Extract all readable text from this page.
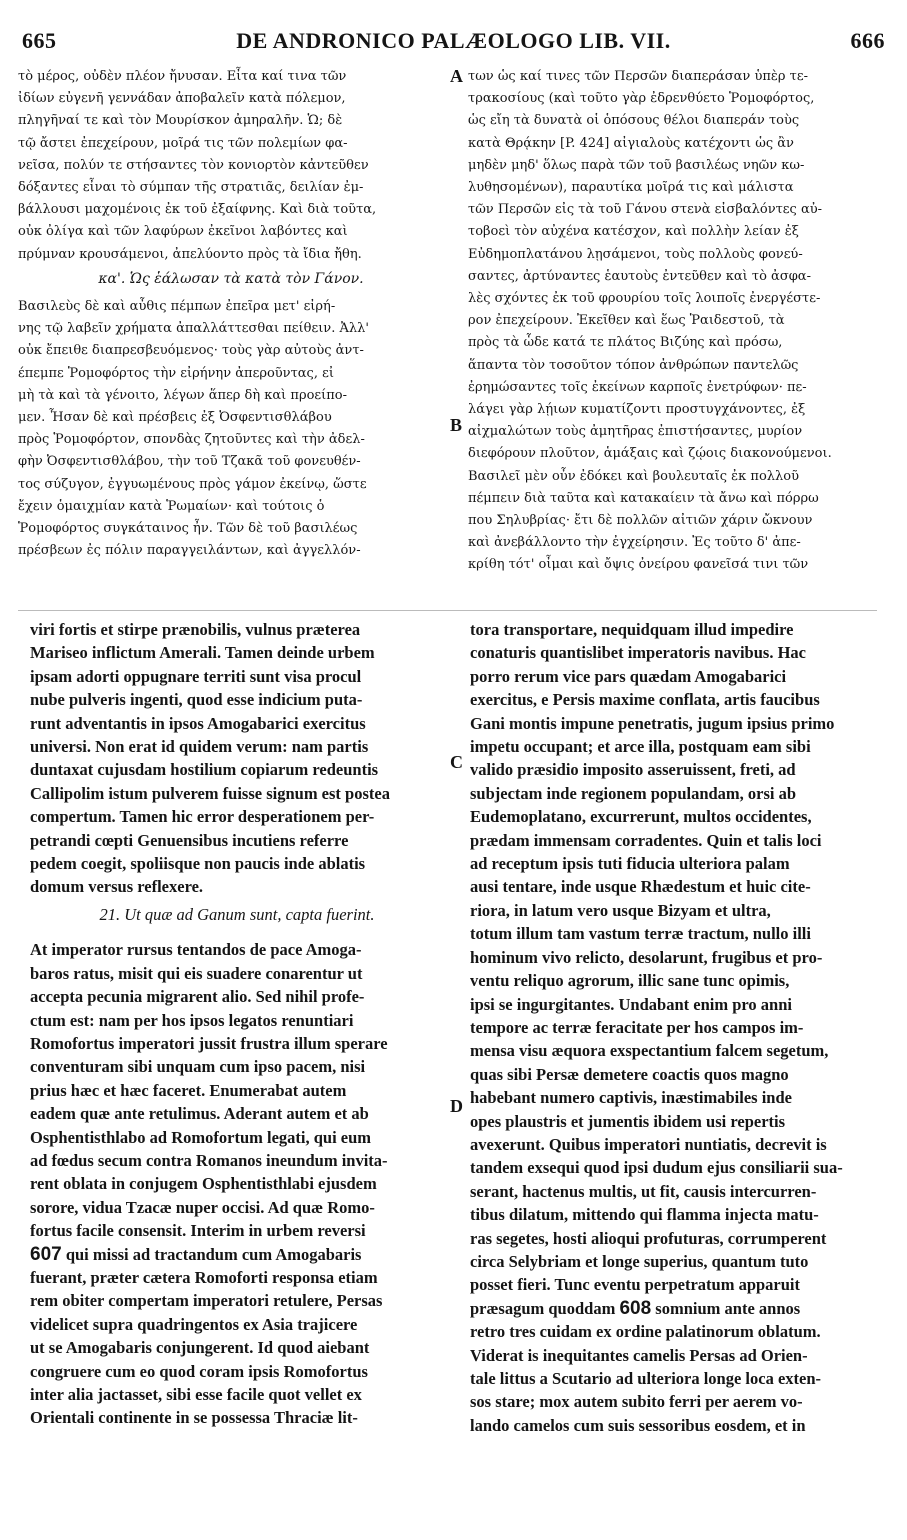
665	DE ANDRONICO PALÆOLOGO LIB. VII.	666
A
B
C
D
τὸ μέρος, οὐδὲν πλέον ἤνυσαν. Εἶτα καί τινα τῶν
ἰδίων εὐγενῆ γεννάδαν ἀποβαλεῖν κατὰ πόλεμον,
πληγῆναί τε καὶ τὸν Μουρίσκον ἀμηραλῆν. Ὡ; δὲ
τῷ ἄστει ἐπεχείρουν, μοῖρά τις τῶν πολεμίων φα-
νεῖσα, πολύν τε στήσαντες τὸν κονιορτὸν κἀντεῦθεν
δόξαντες εἶναι τὸ σύμπαν τῆς στρατιᾶς, δειλίαν ἐμ-
βάλλουσι μαχομένοις ἐκ τοῦ ἐξαίφνης. Καὶ διὰ τοῦτα,
οὐκ ὀλίγα καὶ τῶν λαφύρων ἐκεῖνοι λαβόντες καὶ
πρύμναν κρουσάμενοι, ἀπελύοντο πρὸς τὰ ἴδια ἤθη.
κα'. Ὡς ἑάλωσαν τὰ κατὰ τὸν Γάνον.
Βασιλεὺς δὲ καὶ αὖθις πέμπων ἐπεῖρα μετ' εἰρή-
νης τῷ λαβεῖν χρήματα ἀπαλλάττεσθαι πείθειν. Ἀλλ'
οὐκ ἔπειθε διαπρεσβευόμενος· τοὺς γὰρ αὐτοὺς ἀντ-
έπεμπε Ῥομοφόρτος τὴν εἰρήνην ἀπεροῦντας, εἰ
μὴ τὰ καὶ τὰ γένοιτο, λέγων ἅπερ δὴ καὶ προείπο-
μεν. Ἦσαν δὲ καὶ πρέσβεις ἐξ Ὀσφεντισθλάβου
πρὸς Ῥομοφόρτον, σπονδὰς ζητοῦντες καὶ τὴν ἀδελ-
φὴν Ὀσφεντισθλάβου, τὴν τοῦ Τζακᾶ τοῦ φονευθέν-
τος σύζυγον, ἐγγυωμένους πρὸς γάμον ἐκείνῳ, ὥστε
ἔχειν ὁμαιχμίαν κατὰ Ῥωμαίων· καὶ τούτοις ὁ
Ῥομοφόρτος συγκάταινος ἦν. Τῶν δὲ τοῦ βασιλέως
πρέσβεων ἐς πόλιν παραγγειλάντων, καὶ ἀγγελλόν-
των ὡς καί τινες τῶν Περσῶν διαπεράσαν ὑπὲρ τε-
τρακοσίους (καὶ τοῦτο γὰρ ἐδρενθύετο Ῥομοφόρτος,
ὡς εἴη τὰ δυνατὰ οἱ ὁπόσους θέλοι διαπεράν τοὺς
κατὰ Θρᾴκην [P. 424] αἰγιαλοὺς κατέχοντι ὡς ἂν
μηδὲν μηδ' ὅλως παρὰ τῶν τοῦ βασιλέως νηῶν κω-
λυθησομένων), παραυτίκα μοῖρά τις καὶ μάλιστα
τῶν Περσῶν εἰς τὰ τοῦ Γάνου στενὰ εἰσβαλόντες αὐ-
τοβοεὶ τὸν αὐχένα κατέσχον, καὶ πολλὴν λείαν ἐξ
Εὐδημοπλατάνου λῃσάμενοι, τοὺς πολλοὺς φονεύ-
σαντες, ἀρτύναντες ἑαυτοὺς ἐντεῦθεν καὶ τὸ ἀσφα-
λὲς σχόντες ἐκ τοῦ φρουρίου τοῖς λοιποῖς ἐνεργέστε-
ρον ἐπεχείρουν. Ἐκεῖθεν καὶ ἕως Ῥαιδεστοῦ, τὰ
πρὸς τὰ ὧδε κατά τε πλάτος Βιζύης καὶ πρόσω,
ἅπαντα τὸν τοσοῦτον τόπον ἀνθρώπων παντελῶς
ἐρημώσαντες τοῖς ἐκείνων καρποῖς ἐνετρύφων· πε-
λάγει γὰρ λῄιων κυματίζοντι προστυγχάνοντες, ἐξ
αἰχμαλώτων τοὺς ἀμητῆρας ἐπιστήσαντες, μυρίον
διεφόρουν πλοῦτον, ἁμάξαις καὶ ζῴοις διακονούμενοι.
Βασιλεῖ μὲν οὖν ἐδόκει καὶ βουλευταῖς ἐκ πολλοῦ
πέμπειν διὰ ταῦτα καὶ κατακαίειν τὰ ἄνω καὶ πόρρω
που Σηλυβρίας· ἔτι δὲ πολλῶν αἰτιῶν χάριν ὤκνουν
καὶ ἀνεβάλλοντο τὴν ἐγχείρησιν. Ἐς τοῦτο δ' ἀπε-
κρίθη τότ' οἶμαι καὶ ὄψις ὀνείρου φανεῖσά τινι τῶν
viri fortis et stirpe prænobilis, vulnus præterea
Mariseo inflictum Amerali. Tamen deinde urbem
ipsam adorti oppugnare territi sunt visa procul
nube pulveris ingenti, quod esse indicium puta-
runt adventantis in ipsos Amogabarici exercitus
universi. Non erat id quidem verum: nam partis
duntaxat cujusdam hostilium copiarum redeuntis
Callipolim istum pulverem fuisse signum est postea
compertum. Tamen hic error desperationem per-
petrandi cœpti Genuensibus incutiens referre
pedem coegit, spoliisque non paucis inde ablatis
domum versus reflexere.
21. Ut quæ ad Ganum sunt, capta fuerint.
At imperator rursus tentandos de pace Amoga-
baros ratus, misit qui eis suadere conarentur ut
accepta pecunia migrarent alio. Sed nihil profe-
ctum est: nam per hos ipsos legatos renuntiari
Romofortus imperatori jussit frustra illum sperare
conventuram sibi unquam cum ipso pacem, nisi
prius hæc et hæc faceret. Enumerabat autem
eadem quæ ante retulimus. Aderant autem et ab
Osphentisthlabo ad Romofortum legati, qui eum
ad fœdus secum contra Romanos ineundum invita-
rent oblata in conjugem Osphentisthlabi ejusdem
sorore, vidua Tzacæ nuper occisi. Ad quæ Romo-
fortus facile consensit. Interim in urbem reversi
607 qui missi ad tractandum cum Amogabaris
fuerant, præter cætera Romoforti responsa etiam
rem obiter compertam imperatori retulere, Persas
videlicet supra quadringentos ex Asia trajicere
ut se Amogabaris conjungerent. Id quod aiebant
congruere cum eo quod coram ipsis Romofortus
inter alia jactasset, sibi esse facile quot vellet ex
Orientali continente in se possessa Thraciæ lit-
tora transportare, nequidquam illud impedire
conaturis quantislibet imperatoris navibus. Hac
porro rerum vice pars quædam Amogabarici
exercitus, e Persis maxime conflata, artis faucibus
Gani montis impune penetratis, jugum ipsius primo
impetu occupant; et arce illa, postquam eam sibi
valido præsidio imposito asseruissent, freti, ad
subjectam inde regionem populandam, orsi ab
Eudemoplatano, excurrerunt, multos occidentes,
prædam immensam corradentes. Quin et talis loci
ad receptum ipsis tuti fiducia ulteriora palam
ausi tentare, inde usque Rhædestum et huic cite-
riora, in latum vero usque Bizyam et ultra,
totum illum tam vastum terræ tractum, nullo illi
hominum vivo relicto, desolarunt, frugibus et pro-
ventu reliquo agrorum, illic sane tunc opimis,
ipsi se ingurgitantes. Undabant enim pro anni
tempore ac terræ feracitate per hos campos im-
mensa visu æquora exspectantium falcem segetum,
quas sibi Persæ demetere coactis quos magno
habebant numero captivis, inæstimabiles inde
opes plaustris et jumentis ibidem usi repertis
avexerunt. Quibus imperatori nuntiatis, decrevit is
tandem exsequi quod ipsi dudum ejus consiliarii sua-
serant, hactenus multis, ut fit, causis intercurren-
tibus dilatum, mittendo qui flamma injecta matu-
ras segetes, hosti alioqui profuturas, corrumperent
circa Selybriam et longe superius, quantum tuto
posset fieri. Tunc eventu perpetratum apparuit
præsagum quoddam 608 somnium ante annos
retro tres cuidam ex ordine palatinorum oblatum.
Viderat is inequitantes camelis Persas ad Orien-
tale littus a Scutario ad ulteriora longe loca exten-
sos stare; mox autem subito ferri per aerem vo-
lando camelos cum suis sessoribus eosdem, et in
